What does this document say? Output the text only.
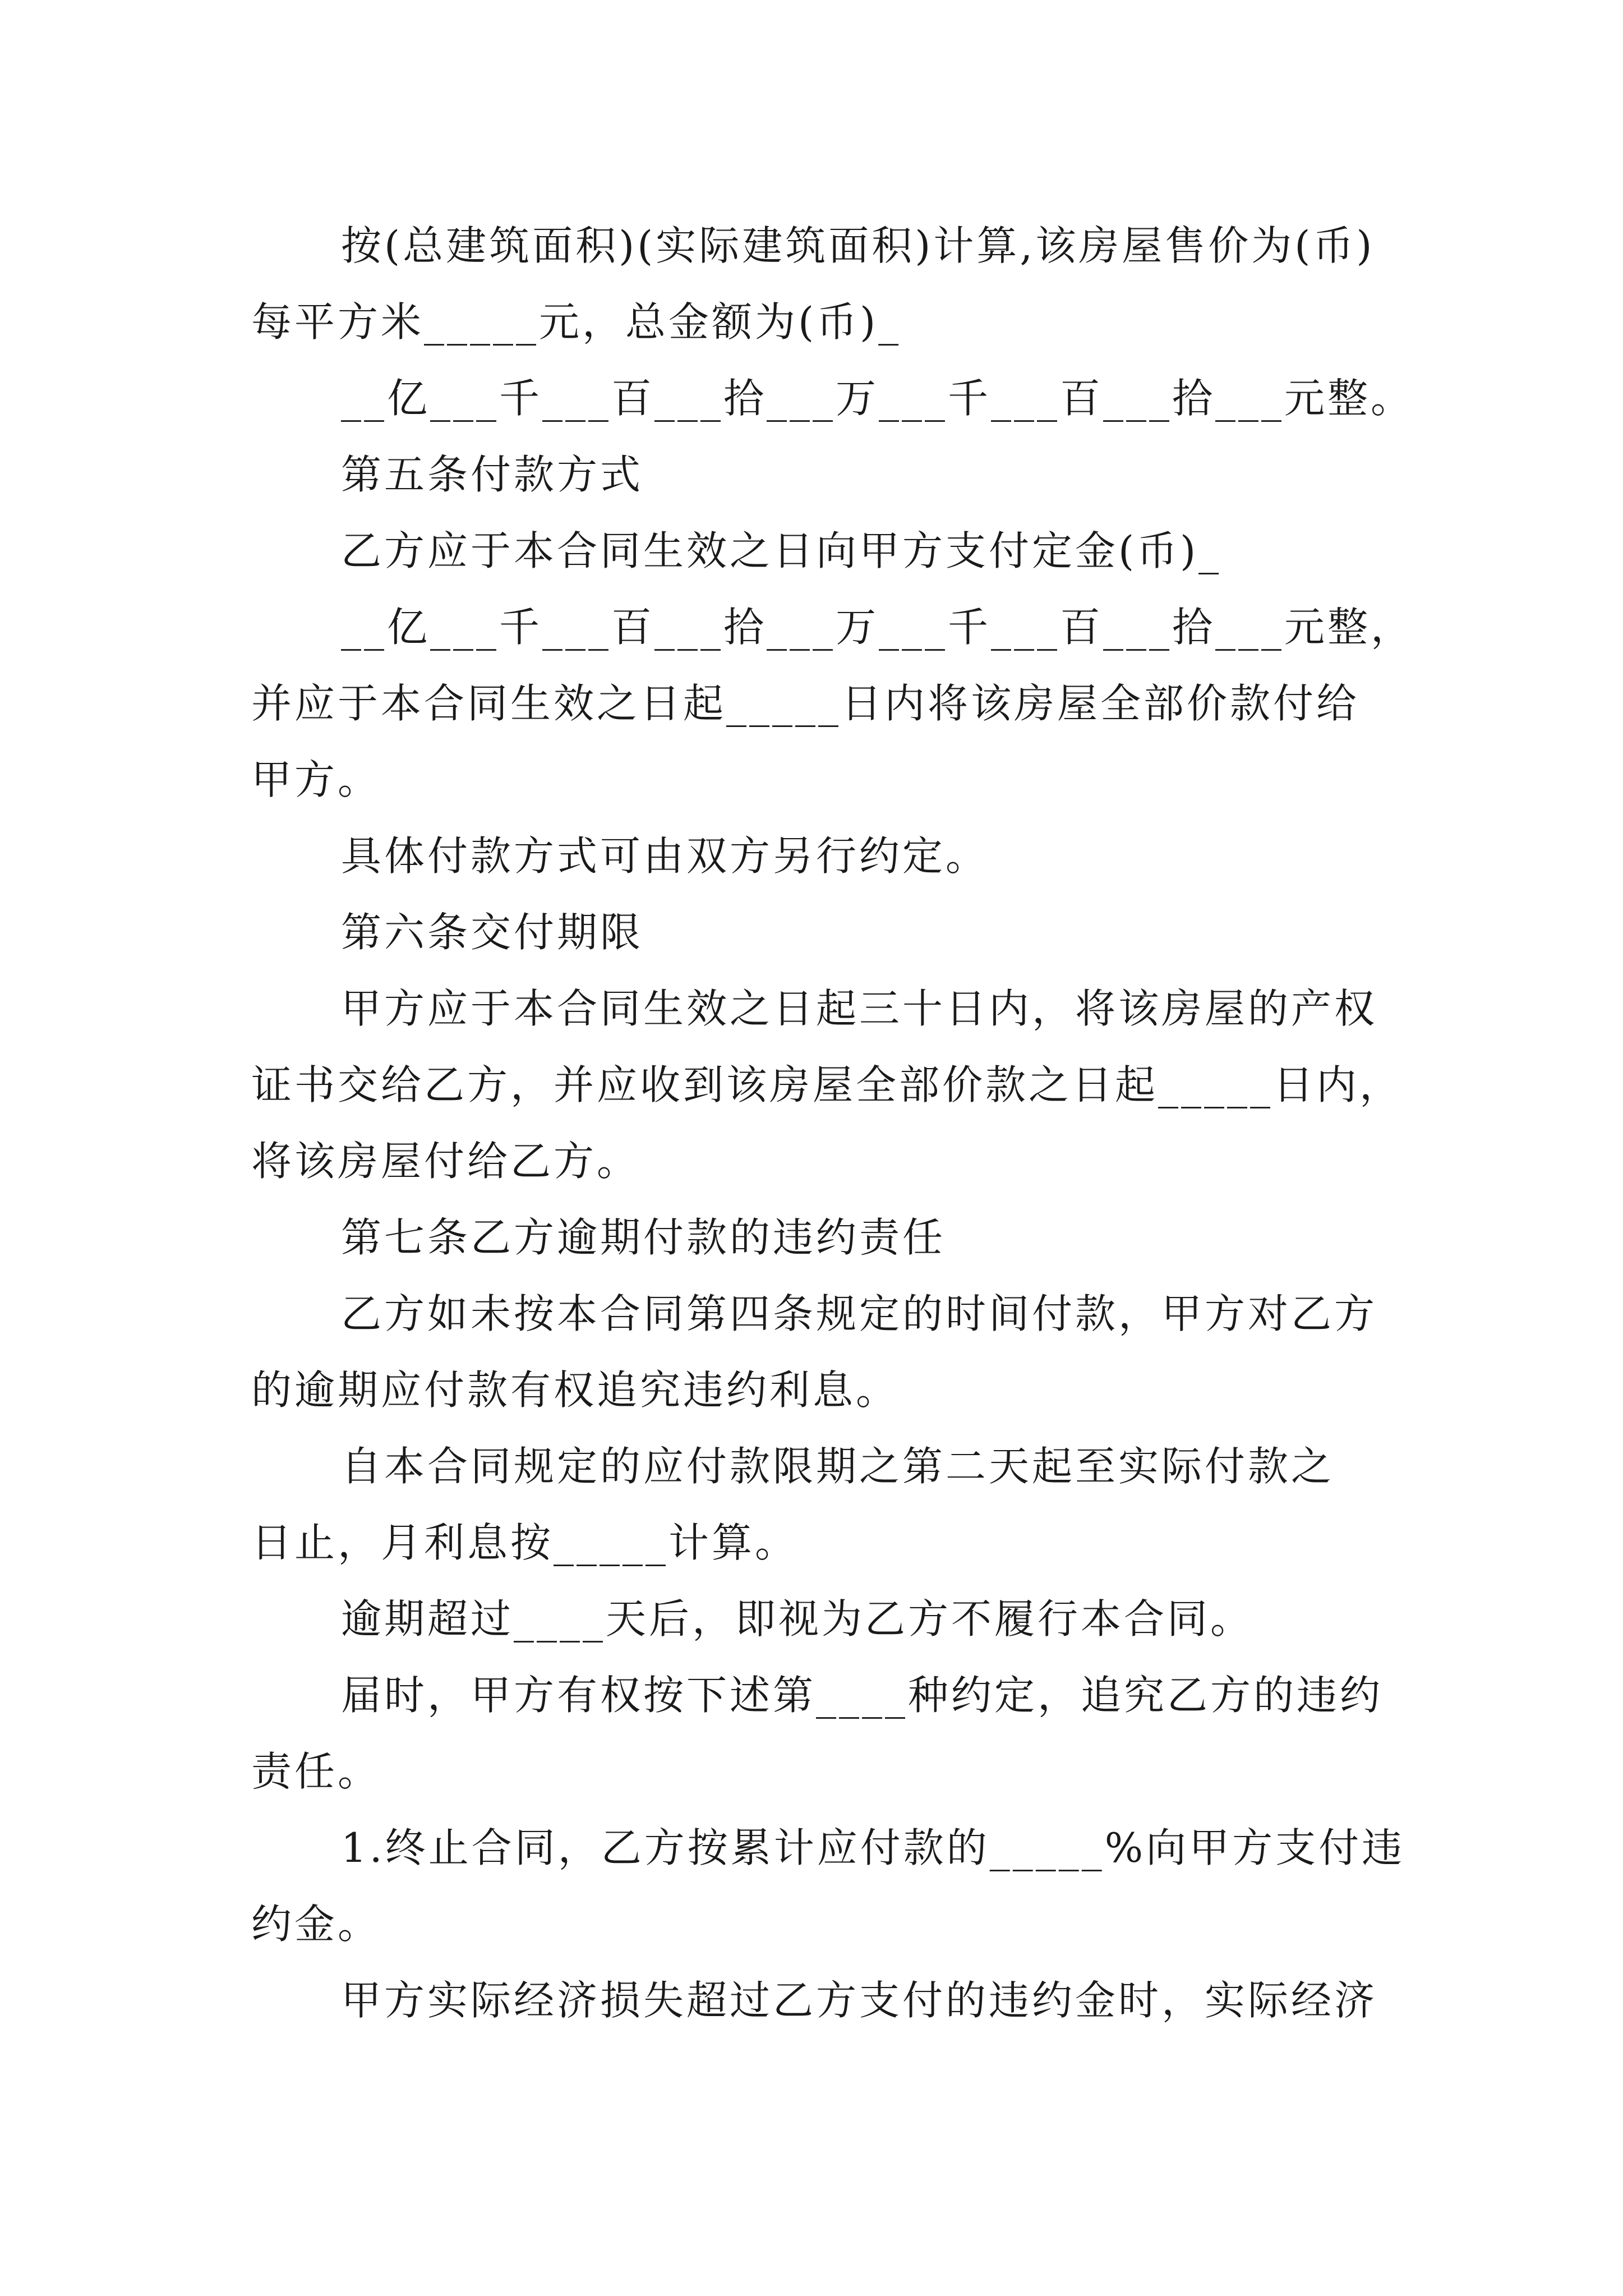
按(总建筑面积)(实际建筑面积)计算,该房屋售价为(币)

每平方米_____元，总金额为(币)_

__亿___千___百___拾___万___千___百___拾___元整。

第五条付款方式

乙方应于本合同生效之日向甲方支付定金(币)_

__亿___千___百___拾___万___千___百___拾___元整，

并应于本合同生效之日起_____日内将该房屋全部价款付给

甲方。

具体付款方式可由双方另行约定。

第六条交付期限

甲方应于本合同生效之日起三十日内，将该房屋的产权

证书交给乙方，并应收到该房屋全部价款之日起_____日内，

将该房屋付给乙方。

第七条乙方逾期付款的违约责任

乙方如未按本合同第四条规定的时间付款，甲方对乙方

的逾期应付款有权追究违约利息。

自本合同规定的应付款限期之第二天起至实际付款之

日止，月利息按_____计算。

逾期超过____天后，即视为乙方不履行本合同。

届时，甲方有权按下述第____种约定，追究乙方的违约

责任。

1.终止合同，乙方按累计应付款的_____%向甲方支付违

约金。

甲方实际经济损失超过乙方支付的违约金时，实际经济
